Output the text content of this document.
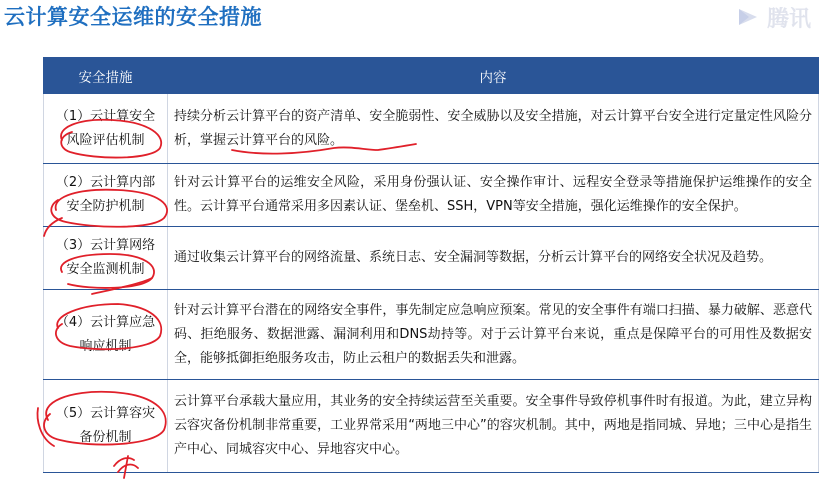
云计算安全运维的安全措施	腾讯
安全措施	内容
（1）云计算安全风险评估机制	持续分析云计算平台的资产清单、安全脆弱性、安全威胁以及安全措施，对云计算平台安全进行定量定性风险分析，掌握云计算平台的风险。
（2）云计算内部安全防护机制	针对云计算平台的运维安全风险，采用身份强认证、安全操作审计、远程安全登录等措施保护运维操作的安全性。云计算平台通常采用多因素认证、堡垒机、SSH，VPN等安全措施，强化运维操作的安全保护。
（3）云计算网络安全监测机制	通过收集云计算平台的网络流量、系统日志、安全漏洞等数据，分析云计算平台的网络安全状况及趋势。
（4）云计算应急响应机制	针对云计算平台潜在的网络安全事件，事先制定应急响应预案。常见的安全事件有端口扫描、暴力破解、恶意代码、拒绝服务、数据泄露、漏洞利用和DNS劫持等。对于云计算平台来说，重点是保障平台的可用性及数据安全，能够抵御拒绝服务攻击，防止云租户的数据丢失和泄露。
（5）云计算容灾备份机制	云计算平台承载大量应用，其业务的安全持续运营至关重要。安全事件导致停机事件时有报道。为此，建立异构云容灾备份机制非常重要，工业界常采用“两地三中心”的容灾机制。其中，两地是指同城、异地；三中心是指生产中心、同城容灾中心、异地容灾中心。
